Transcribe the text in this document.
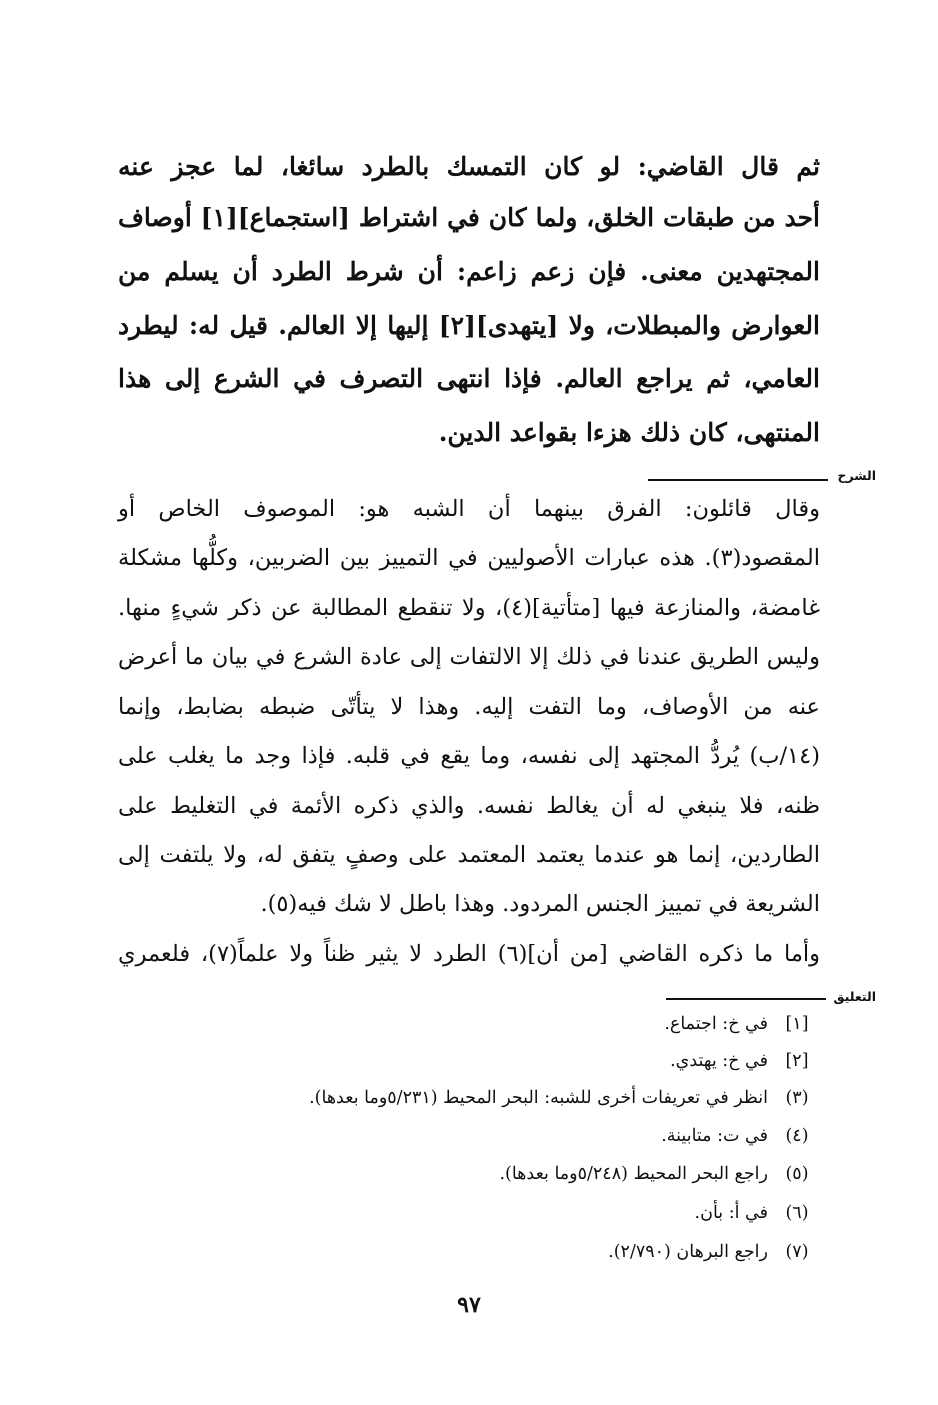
ثم قال القاضي: لو كان التمسك بالطرد سائغا، لما عجز عنه
أحد من طبقات الخلق، ولما كان في اشتراط [استجماع][١] أوصاف
المجتهدين معنى. فإن زعم زاعم: أن شرط الطرد أن يسلم من
العوارض والمبطلات، ولا [يتهدى][٢] إليها إلا العالم. قيل له: ليطرد
العامي، ثم يراجع العالم. فإذا انتهى التصرف في الشرع إلى هذا
المنتهى، كان ذلك هزءا بقواعد الدين.
الشرح
وقال قائلون: الفرق بينهما أن الشبه هو: الموصوف الخاص أو
المقصود(٣). هذه عبارات الأصوليين في التمييز بين الضربين، وكلُّها مشكلة
غامضة، والمنازعة فيها [متأتية](٤)، ولا تنقطع المطالبة عن ذكر شيءٍ منها.
وليس الطريق عندنا في ذلك إلا الالتفات إلى عادة الشرع في بيان ما أعرض
عنه من الأوصاف، وما التفت إليه. وهذا لا يتأتّى ضبطه بضابط، وإنما
(١٤/ب) يُردُّ المجتهد إلى نفسه، وما يقع في قلبه. فإذا وجد ما يغلب على
ظنه، فلا ينبغي له أن يغالط نفسه. والذي ذكره الأئمة في التغليط على
الطاردين، إنما هو عندما يعتمد المعتمد على وصفٍ يتفق له، ولا يلتفت إلى
الشريعة في تمييز الجنس المردود. وهذا باطل لا شك فيه(٥).
وأما ما ذكره القاضي [من أن](٦) الطرد لا يثير ظناً ولا علماً(٧)، فلعمري
التعليق
[١]في خ: اجتماع.
[٢]في خ: يهتدي.
(٣)انظر في تعريفات أخرى للشبه: البحر المحيط (٥/٢٣١وما بعدها).
(٤)في ت: متابينة.
(٥)راجع البحر المحيط (٥/٢٤٨وما بعدها).
(٦)في أ: بأن.
(٧)راجع البرهان (٢/٧٩٠).
٩٧
